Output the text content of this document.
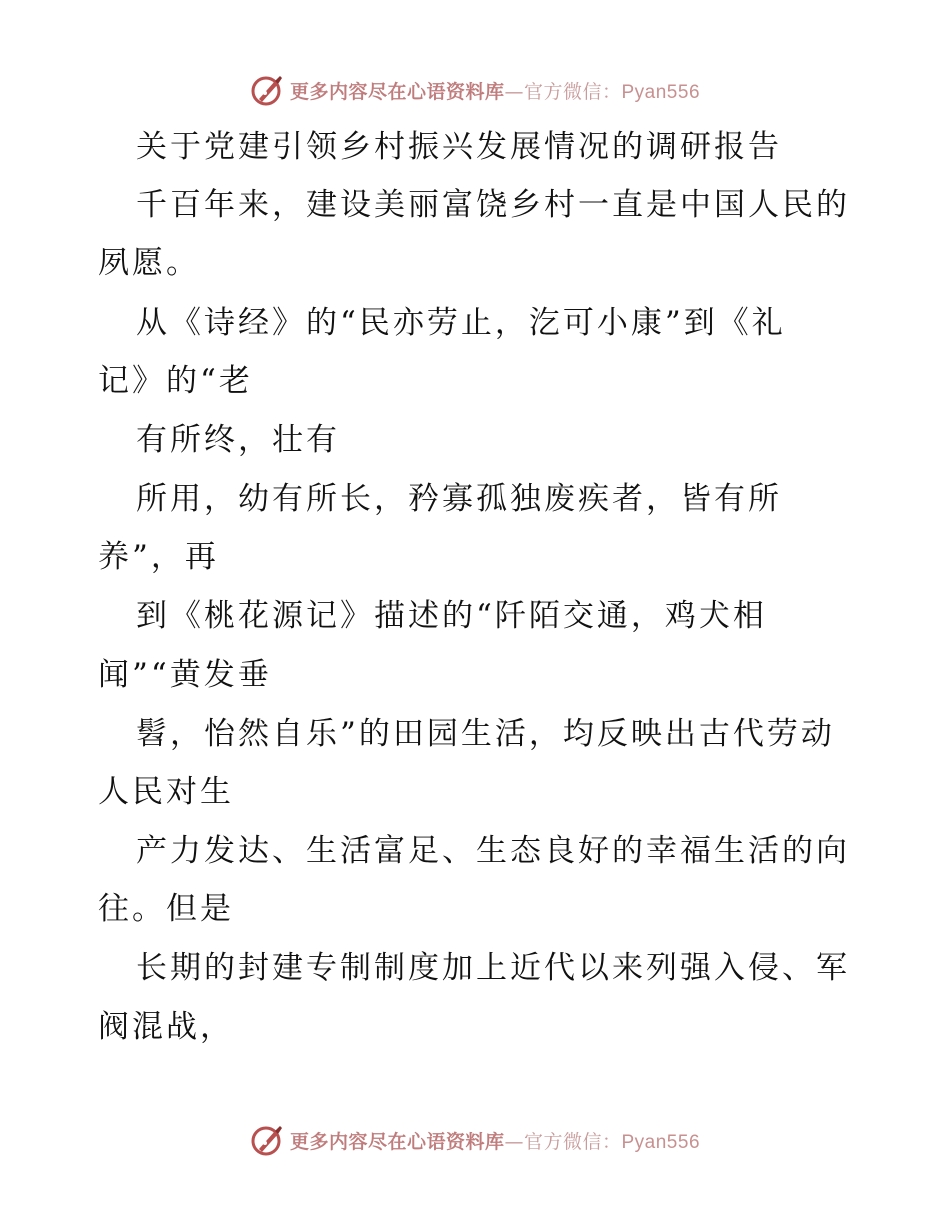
更多内容尽在心语资料库—官方微信：Pyan556
关于党建引领乡村振兴发展情况的调研报告
千百年来，建设美丽富饶乡村一直是中国人民的
夙愿。
从《诗经》的“民亦劳止，汔可小康”到《礼
记》的“老
有所终，壮有
所用，幼有所长，矜寡孤独废疾者，皆有所
养”，再
到《桃花源记》描述的“阡陌交通，鸡犬相
闻”“黄发垂
髫，怡然自乐”的田园生活，均反映出古代劳动
人民对生
产力发达、生活富足、生态良好的幸福生活的向
往。但是
长期的封建专制制度加上近代以来列强入侵、军
阀混战，
更多内容尽在心语资料库—官方微信：Pyan556
